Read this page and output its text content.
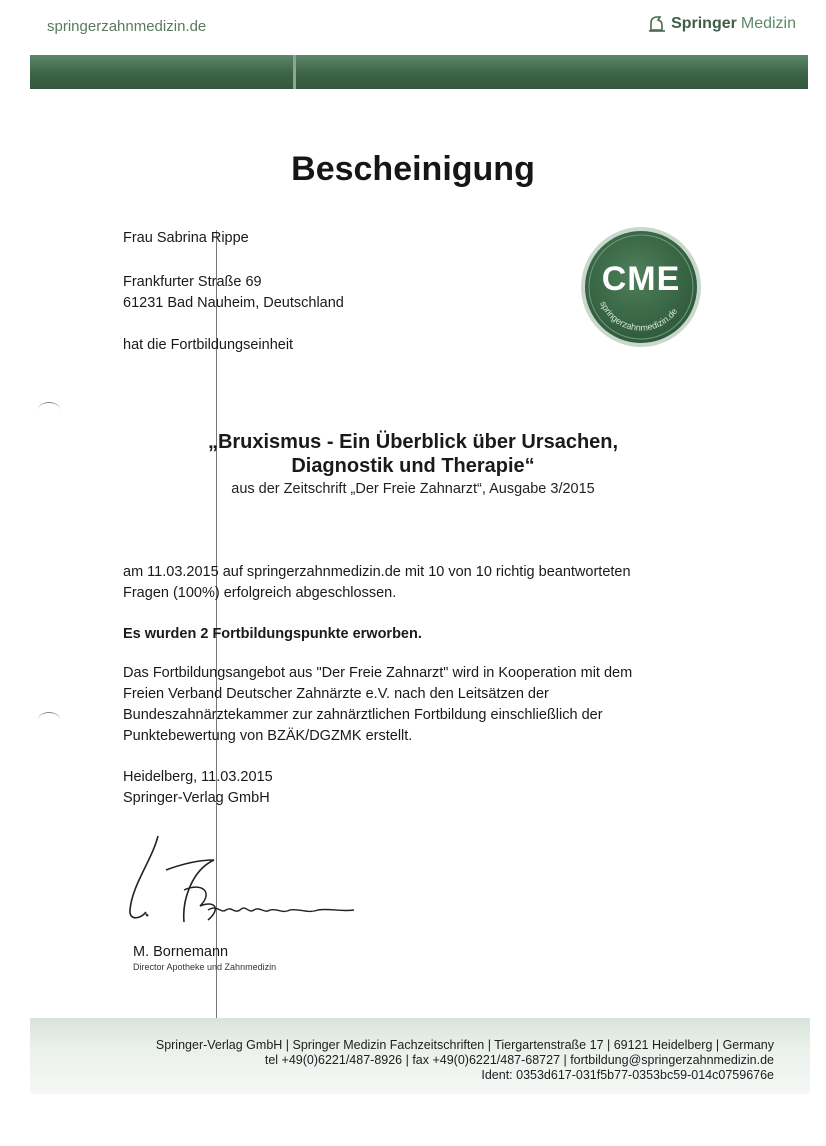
springerzahnmedizin.de	Springer Medizin
Bescheinigung
Frau Sabrina Rippe
Frankfurter Straße 69
61231 Bad Nauheim, Deutschland
hat die Fortbildungseinheit
springerzahnmedizin.de
CME
„Bruxismus - Ein Überblick über Ursachen,
Diagnostik und Therapie“
aus der Zeitschrift „Der Freie Zahnarzt“, Ausgabe 3/2015
am 11.03.2015 auf springerzahnmedizin.de mit 10 von 10 richtig beantworteten
Fragen (100%) erfolgreich abgeschlossen.
Es wurden 2 Fortbildungspunkte erworben.
Das Fortbildungsangebot aus "Der Freie Zahnarzt" wird in Kooperation mit dem
Freien Verband Deutscher Zahnärzte e.V. nach den Leitsätzen der
Bundeszahnärztekammer zur zahnärztlichen Fortbildung einschließlich der
Punktebewertung von BZÄK/DGZMK erstellt.
Heidelberg, 11.03.2015
Springer-Verlag GmbH
M. Bornemann
Director Apotheke und Zahnmedizin
Springer-Verlag GmbH | Springer Medizin Fachzeitschriften | Tiergartenstraße 17 | 69121 Heidelberg | Germany
tel +49(0)6221/487-8926 | fax +49(0)6221/487-68727 | fortbildung@springerzahnmedizin.de
Ident: 0353d617-031f5b77-0353bc59-014c0759676e
